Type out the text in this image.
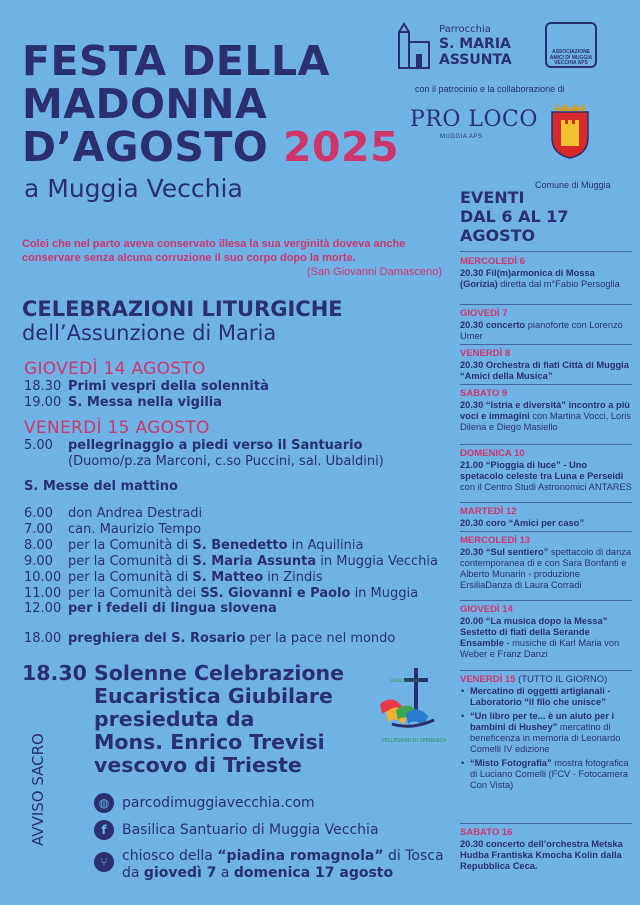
FESTA DELLA
MADONNA
D’AGOSTO 2025
a Muggia Vecchia
Colei che nel parto aveva conservato illesa la sua verginità doveva anche conservare senza alcuna corruzione il suo corpo dopo la morte.
(San Giovanni Damasceno)
CELEBRAZIONI LITURGICHE
dell’Assunzione di Maria
GIOVEDÌ 14 AGOSTO
18.30 Primi vespri della solennità
19.00 S. Messa nella vigilia
VENERDÌ 15 AGOSTO
5.00 pellegrinaggio a piedi verso il Santuario
(Duomo/p.za Marconi, c.so Puccini, sal. Ubaldini)
S. Messe del mattino
6.00 don Andrea Destradi
7.00 can. Maurizio Tempo
8.00 per la Comunità di S. Benedetto in Aquilinia
9.00 per la Comunità di S. Maria Assunta in Muggia Vecchia
10.00 per la Comunità di S. Matteo in Zindis
11.00 per la Comunità dei SS. Giovanni e Paolo in Muggia
12.00 per i fedeli di lingua slovena
18.00 preghiera del S. Rosario per la pace nel mondo
18.30 Solenne Celebrazione
Eucaristica Giubilare
presieduta da
Mons. Enrico Trevisi
vescovo di Trieste
PELLEGRINI DI SPERANZA
GIUBILEO 2025
◍ parcodimuggiavecchia.com
f	Basilica Santuario di Muggia Vecchia
⑂	chiosco della “piadina romagnola” di Tosca
da giovedì 7 a domenica 17 agosto
AVVISO SACRO
Parrocchia
S. MARIA
ASSUNTA	ASSOCIAZIONE AMICI DI MUGGIA VECCHIA APS
con il patrocinio e la collaborazione di
PRO LOCO
MUGGIA APS
Comune di Muggia
EVENTI
DAL 6 AL 17
AGOSTO
MERCOLEDÌ 6
20.30 Fil(m)armonica di Mossa (Gorizia) diretta dal m°Fabio Persoglia
GIOVEDÌ 7
20.30 concerto pianoforte con Lorenzo Umer
VENERDÌ 8
20.30 Orchestra di fiati Città di Muggia “Amici della Musica”
SABATO 9
20.30 “Istria e diversità” incontro a più voci e immagini con Martina Vocci, Loris Dilena e Diego Masiello
DOMENICA 10
21.00 “Pioggia di luce” - Uno spetacolo celeste tra Luna e Perseidi con il Centro Studi Astronomici ANTARES
MARTEDÌ 12
20.30 coro “Amici per caso”
MERCOLEDÌ 13
20.30 “Sul sentiero” spettacolo di danza contemporanea di e con Sara Bonfanti e Alberto Munarin - produzione ErsiliaDanza di Laura Corradi
GIOVEDÌ 14
20.00 “La musica dopo la Messa” Sestetto di fiati della Serande Ensamble - musiche di Karl Maria von Weber e Franz Danzi
VENERDÌ 15 (TUTTO IL GIORNO)
• Mercatino di oggetti artigianali - Laboratorio “il filo che unisce”
• “Un libro per te... è un aiuto per i bambini di Hushey” mercatino di beneficenza in memoria di Leonardo Comelli IV edizione
• “Misto Fotografia” mostra fotografica di Luciano Comelli (FCV - Fotocamera Con Vista)
SABATO 16
20.30 concerto dell’orchestra Metska Hudba Frantiska Kmocha Kolin dalla Repubblica Ceca.
